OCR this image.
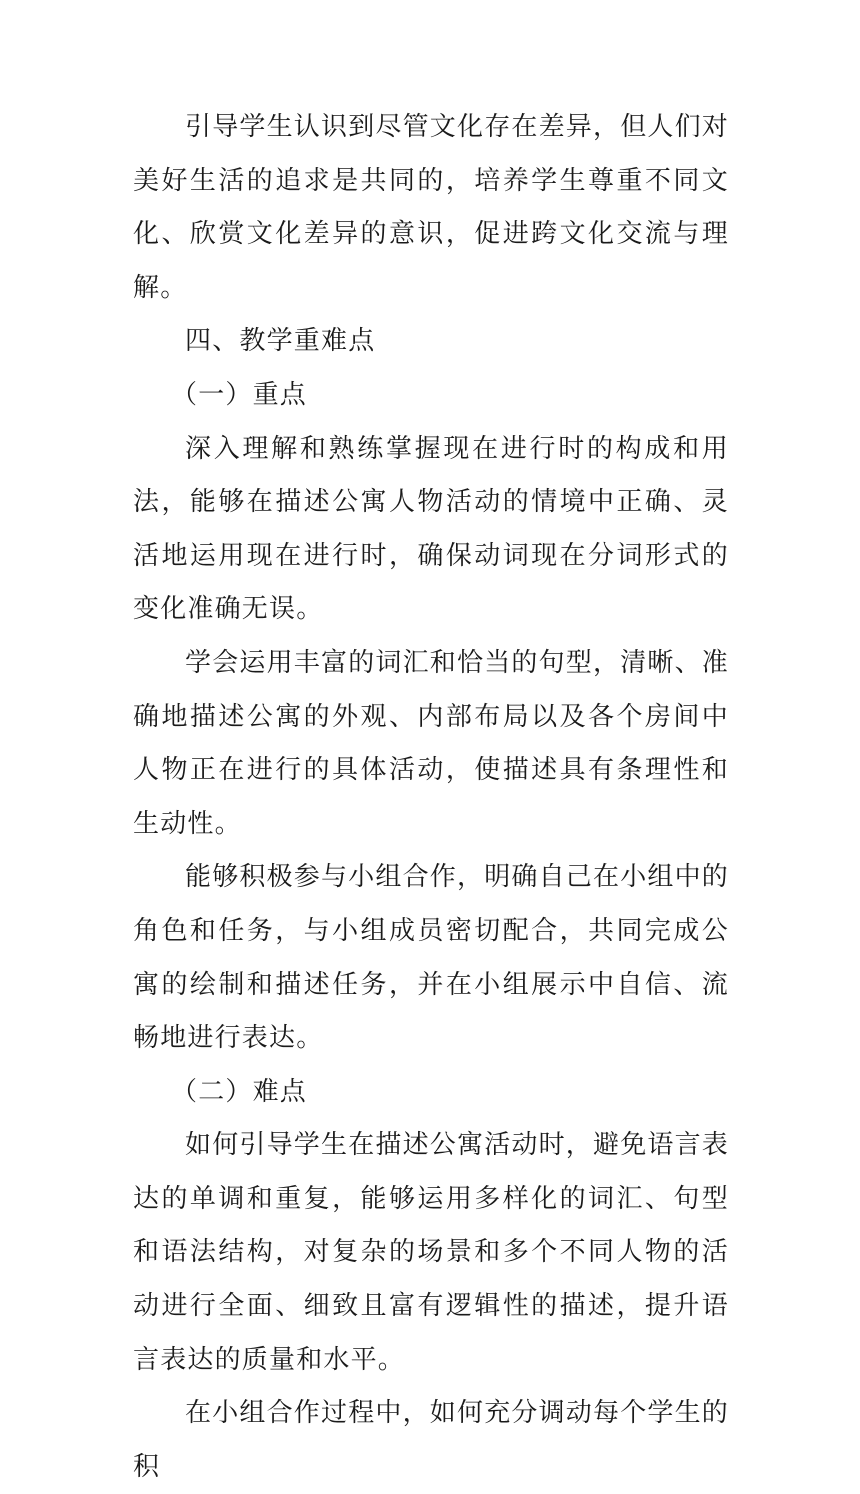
引导学生认识到尽管文化存在差异，但人们对美好生活的追求是共同的，培养学生尊重不同文化、欣赏文化差异的意识，促进跨文化交流与理解。

四、教学重难点

（一）重点

深入理解和熟练掌握现在进行时的构成和用法，能够在描述公寓人物活动的情境中正确、灵活地运用现在进行时，确保动词现在分词形式的变化准确无误。

学会运用丰富的词汇和恰当的句型，清晰、准确地描述公寓的外观、内部布局以及各个房间中人物正在进行的具体活动，使描述具有条理性和生动性。

能够积极参与小组合作，明确自己在小组中的角色和任务，与小组成员密切配合，共同完成公寓的绘制和描述任务，并在小组展示中自信、流畅地进行表达。

（二）难点

如何引导学生在描述公寓活动时，避免语言表达的单调和重复，能够运用多样化的词汇、句型和语法结构，对复杂的场景和多个不同人物的活动进行全面、细致且富有逻辑性的描述，提升语言表达的质量和水平。

在小组合作过程中，如何充分调动每个学生的积
